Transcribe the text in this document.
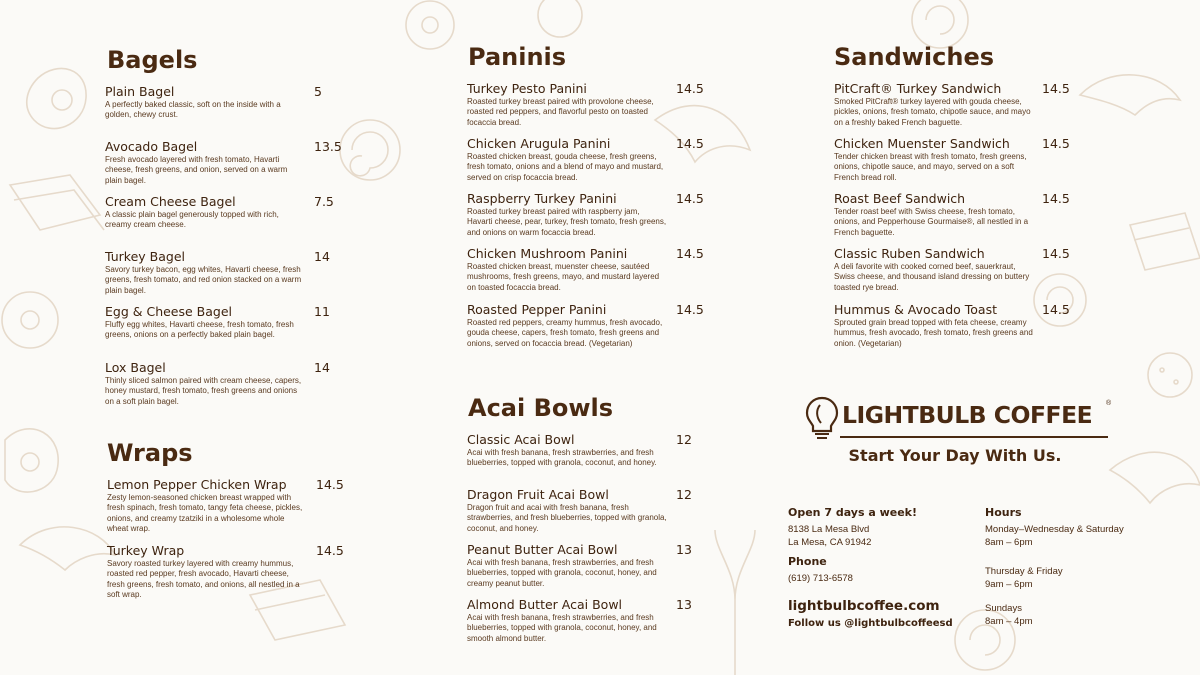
Bagels
Plain Bagel	5
A perfectly baked classic, soft on the inside with a golden, chewy crust.
Avocado Bagel	13.5
Fresh avocado layered with fresh tomato, Havarti cheese, fresh greens, and onion, served on a warm plain bagel.
Cream Cheese Bagel	7.5
A classic plain bagel generously topped with rich, creamy cream cheese.
Turkey Bagel	14
Savory turkey bacon, egg whites, Havarti cheese, fresh greens, fresh tomato, and red onion stacked on a warm plain bagel.
Egg & Cheese Bagel	11
Fluffy egg whites, Havarti cheese, fresh tomato, fresh greens, onions on a perfectly baked plain bagel.
Lox Bagel	14
Thinly sliced salmon paired with cream cheese, capers, honey mustard, fresh tomato, fresh greens and onions on a soft plain bagel.
Wraps
Lemon Pepper Chicken Wrap	14.5
Zesty lemon-seasoned chicken breast wrapped with fresh spinach, fresh tomato, tangy feta cheese, pickles, onions, and creamy tzatziki in a wholesome whole wheat wrap.
Turkey Wrap	14.5
Savory roasted turkey layered with creamy hummus, roasted red pepper, fresh avocado, Havarti cheese, fresh greens, fresh tomato, and onions, all nestled in a soft wrap.
Paninis
Turkey Pesto Panini	14.5
Roasted turkey breast paired with provolone cheese, roasted red peppers, and flavorful pesto on toasted focaccia bread.
Chicken Arugula Panini	14.5
Roasted chicken breast, gouda cheese, fresh greens, fresh tomato, onions and a blend of mayo and mustard, served on crisp focaccia bread.
Raspberry Turkey Panini	14.5
Roasted turkey breast paired with raspberry jam, Havarti cheese, pear, turkey, fresh tomato, fresh greens, and onions on warm focaccia bread.
Chicken Mushroom Panini	14.5
Roasted chicken breast, muenster cheese, sautéed mushrooms, fresh greens, mayo, and mustard layered on toasted focaccia bread.
Roasted Pepper Panini	14.5
Roasted red peppers, creamy hummus, fresh avocado, gouda cheese, capers, fresh tomato, fresh greens and onions, served on focaccia bread. (Vegetarian)
Acai Bowls
Classic Acai Bowl	12
Acai with fresh banana, fresh strawberries, and fresh blueberries, topped with granola, coconut, and honey.
Dragon Fruit Acai Bowl	12
Dragon fruit and acai with fresh banana, fresh strawberries, and fresh blueberries, topped with granola, coconut, and honey.
Peanut Butter Acai Bowl	13
Acai with fresh banana, fresh strawberries, and fresh blueberries, topped with granola, coconut, honey, and creamy peanut butter.
Almond Butter Acai Bowl	13
Acai with fresh banana, fresh strawberries, and fresh blueberries, topped with granola, coconut, honey, and smooth almond butter.
Sandwiches
PitCraft® Turkey Sandwich	14.5
Smoked PitCraft® turkey layered with gouda cheese, pickles, onions, fresh tomato, chipotle sauce, and mayo on a freshly baked French baguette.
Chicken Muenster Sandwich	14.5
Tender chicken breast with fresh tomato, fresh greens, onions, chipotle sauce, and mayo, served on a soft French bread roll.
Roast Beef Sandwich	14.5
Tender roast beef with Swiss cheese, fresh tomato, onions, and Pepperhouse Gourmaise®, all nestled in a French baguette.
Classic Ruben Sandwich	14.5
A deli favorite with cooked corned beef, sauerkraut, Swiss cheese, and thousand island dressing on buttery toasted rye bread.
Hummus & Avocado Toast	14.5
Sprouted grain bread topped with feta cheese, creamy hummus, fresh avocado, fresh tomato, fresh greens and onion. (Vegetarian)
LIGHTBULB COFFEE ®
Start Your Day With Us.
Open 7 days a week!
8138 La Mesa Blvd
La Mesa, CA 91942
Phone
(619) 713-6578
lightbulbcoffee.com
Follow us @lightbulbcoffeesd
Hours
Monday–Wednesday & Saturday
8am – 6pm
Thursday & Friday
9am – 6pm
Sundays
8am – 4pm
